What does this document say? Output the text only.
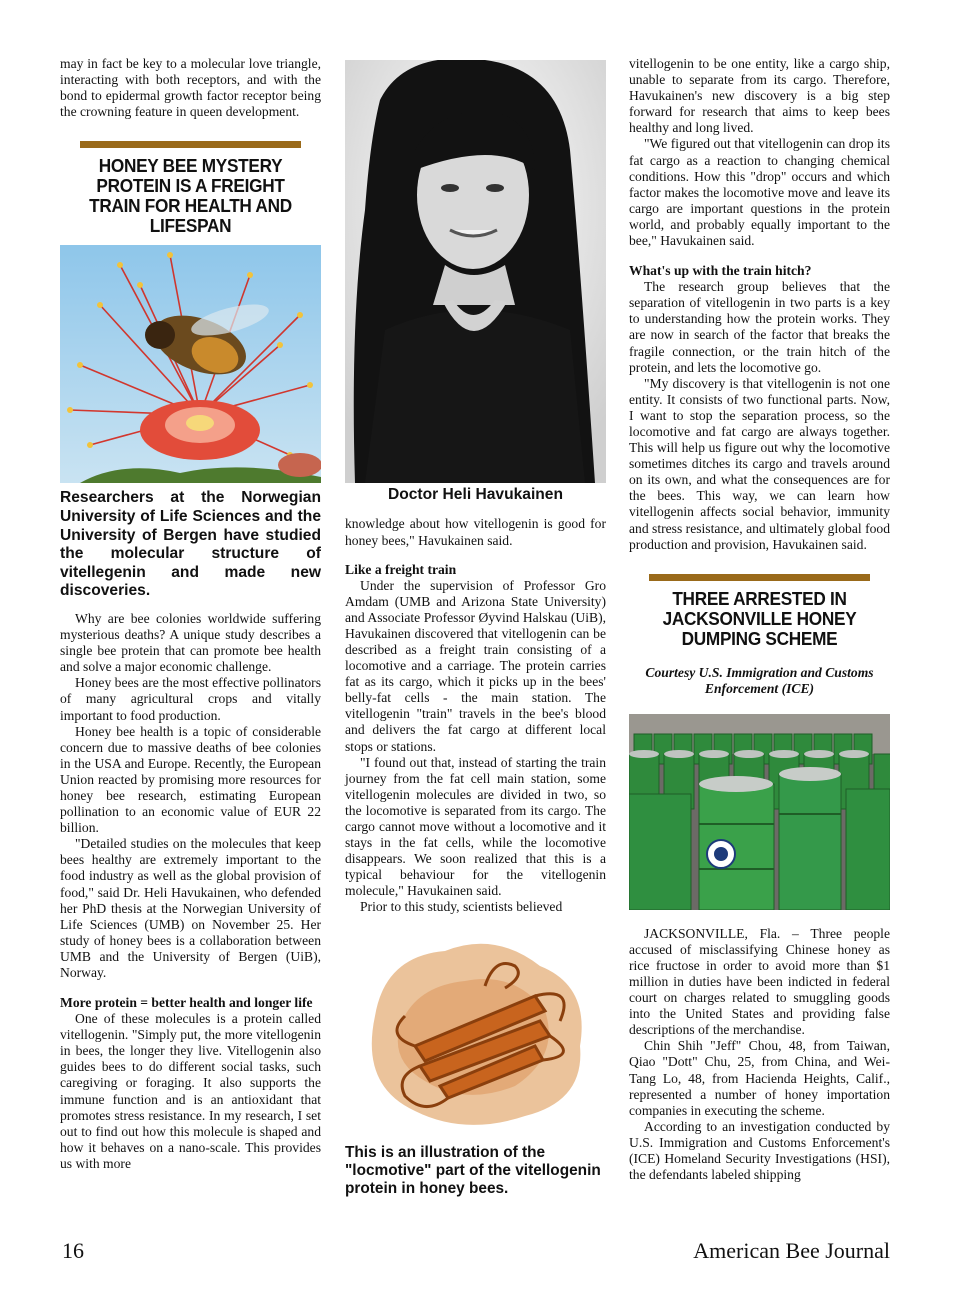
may in fact be key to a molecular love triangle, interacting with both receptors, and with the bond to epidermal growth factor receptor being the crowning feature in queen development.

HONEY BEE MYSTERY PROTEIN IS A FREIGHT TRAIN FOR HEALTH AND LIFESPAN
Researchers at the Norwegian University of Life Sciences and the University of Bergen have studied the molecular structure of vitellegenin and made new discoveries.

Why are bee colonies worldwide suffering mysterious deaths? A unique study describes a single bee protein that can promote bee health and solve a major economic challenge.

Honey bees are the most effective pollinators of many agricultural crops and vitally important to food production.

Honey bee health is a topic of considerable concern due to massive deaths of bee colonies in the USA and Europe. Recently, the European Union reacted by promising more resources for honey bee research, estimating European pollination to an economic value of EUR 22 billion.

"Detailed studies on the molecules that keep bees healthy are extremely important to the food industry as well as the global provision of food," said Dr. Heli Havukainen, who defended her PhD thesis at the Norwegian University of Life Sciences (UMB) on November 25. Her study of honey bees is a collaboration between UMB and the University of Bergen (UiB), Norway.

More protein = better health and longer life

One of these molecules is a protein called vitellogenin. "Simply put, the more vitellogenin in bees, the longer they live. Vitellogenin also guides bees to do different social tasks, such caregiving or foraging. It also supports the immune function and is an antioxidant that promotes stress resistance. In my research, I set out to find out how this molecule is shaped and how it behaves on a nano-scale. This provides us with more

Doctor Heli Havukainen

knowledge about how vitellogenin is good for honey bees," Havukainen said.

Like a freight train

Under the supervision of Professor Gro Amdam (UMB and Arizona State University) and Associate Professor Øyvind Halskau (UiB), Havukainen discovered that vitellogenin can be described as a freight train consisting of a locomotive and a carriage. The protein carries fat as its cargo, which it picks up in the bees' belly-fat cells - the main station. The vitellogenin "train" travels in the bee's blood and delivers the fat cargo at different local stops or stations.

"I found out that, instead of starting the train journey from the fat cell main station, some vitellogenin molecules are divided in two, so the locomotive is separated from its cargo. The cargo cannot move without a locomotive and it stays in the fat cells, while the locomotive disappears. We soon realized that this is a typical behaviour for the vitellogenin molecule," Havukainen said.

Prior to this study, scientists believed

This is an illustration of the "locmotive" part of the vitellogenin protein in honey bees.

vitellogenin to be one entity, like a cargo ship, unable to separate from its cargo. Therefore, Havukainen's new discovery is a big step forward for research that aims to keep bees healthy and long lived.

"We figured out that vitellogenin can drop its fat cargo as a reaction to changing chemical conditions. How this "drop" occurs and which factor makes the locomotive move and leave its cargo are important questions in the protein world, and probably equally important to the bee," Havukainen said.

What's up with the train hitch?

The research group believes that the separation of vitellogenin in two parts is a key to understanding how the protein works. They are now in search of the factor that breaks the fragile connection, or the train hitch of the protein, and lets the locomotive go.

"My discovery is that vitellogenin is not one entity. It consists of two functional parts. Now, I want to stop the separation process, so the locomotive and fat cargo are always together. This will help us figure out why the locomotive sometimes ditches its cargo and travels around on its own, and what the consequences are for the bees. This way, we can learn how vitellogenin affects social behavior, immunity and stress resistance, and ultimately global food production and provision, Havukainen said.

THREE ARRESTED IN JACKSONVILLE HONEY DUMPING SCHEME
Courtesy U.S. Immigration and Customs Enforcement (ICE)

JACKSONVILLE, Fla. – Three people accused of misclassifying Chinese honey as rice fructose in order to avoid more than $1 million in duties have been indicted in federal court on charges related to smuggling goods into the United States and providing false descriptions of the merchandise.

Chin Shih "Jeff" Chou, 48, from Taiwan, Qiao "Dott" Chu, 25, from China, and Wei-Tang Lo, 48, from Hacienda Heights, Calif., represented a number of honey importation companies in executing the scheme.

According to an investigation conducted by U.S. Immigration and Customs Enforcement's (ICE) Homeland Security Investigations (HSI), the defendants labeled shipping

16	American Bee Journal
